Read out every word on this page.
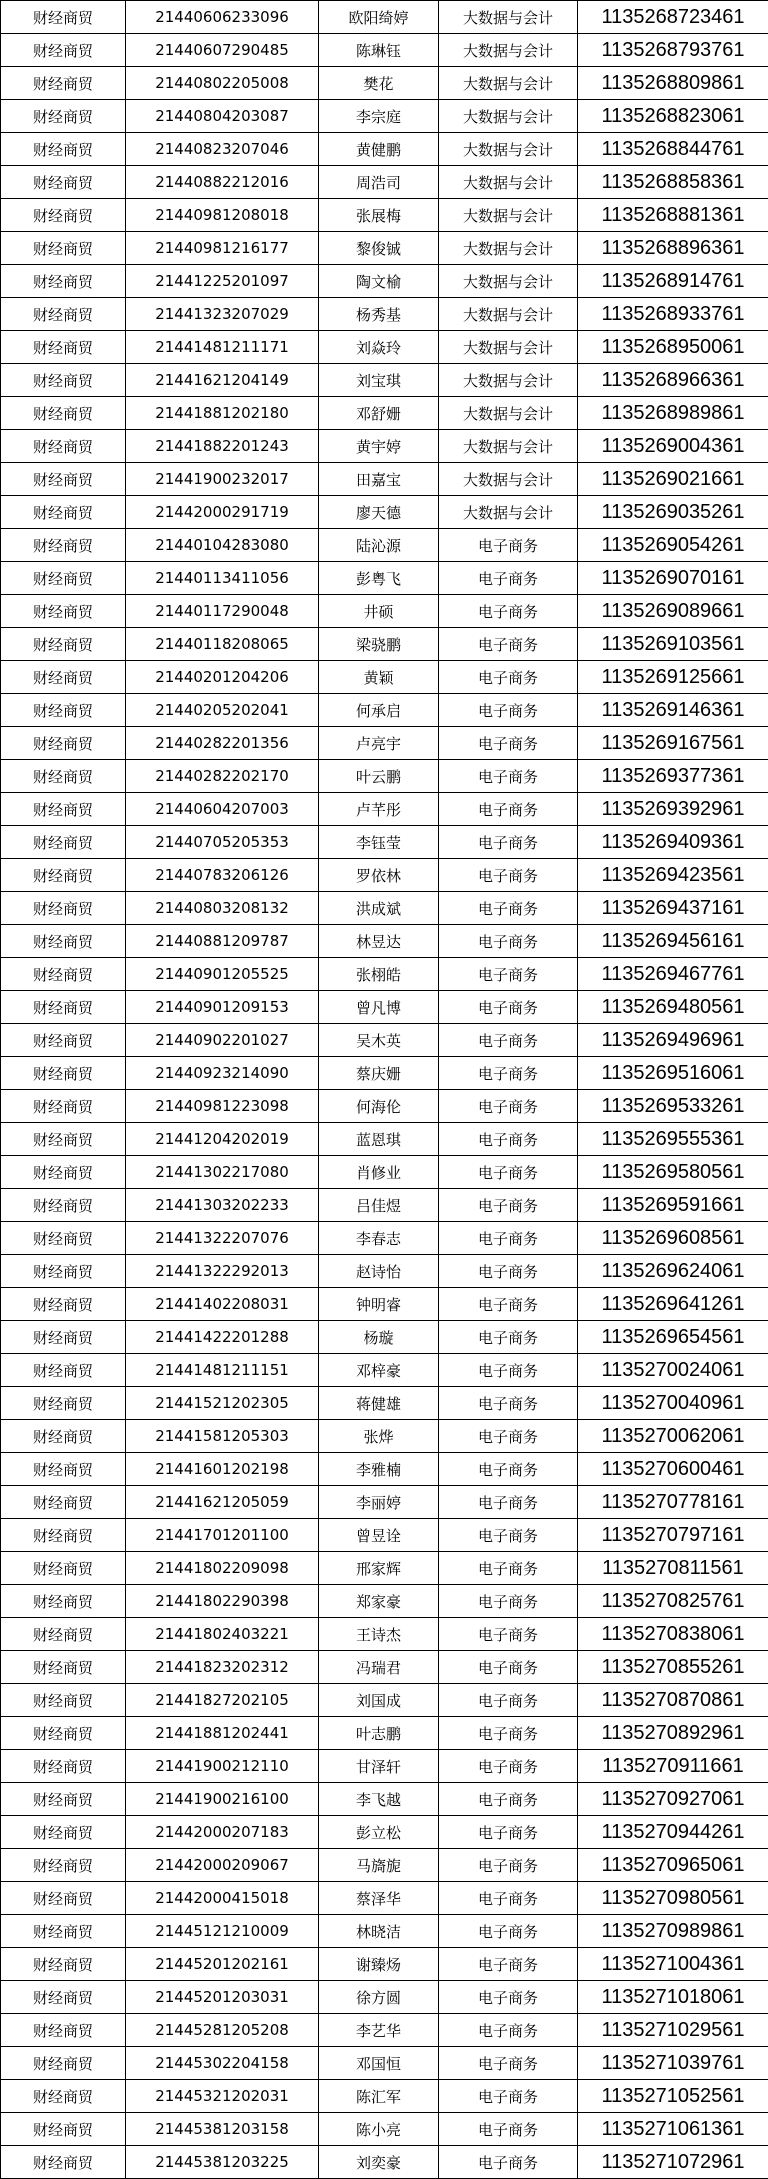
财经商贸	21440606233096	欧阳绮婷	大数据与会计	1135268723461
财经商贸	21440607290485	陈琳钰	大数据与会计	1135268793761
财经商贸	21440802205008	樊花	大数据与会计	1135268809861
财经商贸	21440804203087	李宗庭	大数据与会计	1135268823061
财经商贸	21440823207046	黄健鹏	大数据与会计	1135268844761
财经商贸	21440882212016	周浩司	大数据与会计	1135268858361
财经商贸	21440981208018	张展梅	大数据与会计	1135268881361
财经商贸	21440981216177	黎俊铖	大数据与会计	1135268896361
财经商贸	21441225201097	陶文榆	大数据与会计	1135268914761
财经商贸	21441323207029	杨秀基	大数据与会计	1135268933761
财经商贸	21441481211171	刘焱玲	大数据与会计	1135268950061
财经商贸	21441621204149	刘宝琪	大数据与会计	1135268966361
财经商贸	21441881202180	邓舒姗	大数据与会计	1135268989861
财经商贸	21441882201243	黄宇婷	大数据与会计	1135269004361
财经商贸	21441900232017	田嘉宝	大数据与会计	1135269021661
财经商贸	21442000291719	廖天德	大数据与会计	1135269035261
财经商贸	21440104283080	陆沁源	电子商务	1135269054261
财经商贸	21440113411056	彭粤飞	电子商务	1135269070161
财经商贸	21440117290048	井硕	电子商务	1135269089661
财经商贸	21440118208065	梁骁鹏	电子商务	1135269103561
财经商贸	21440201204206	黄颖	电子商务	1135269125661
财经商贸	21440205202041	何承启	电子商务	1135269146361
财经商贸	21440282201356	卢亮宇	电子商务	1135269167561
财经商贸	21440282202170	叶云鹏	电子商务	1135269377361
财经商贸	21440604207003	卢芊彤	电子商务	1135269392961
财经商贸	21440705205353	李钰莹	电子商务	1135269409361
财经商贸	21440783206126	罗依林	电子商务	1135269423561
财经商贸	21440803208132	洪成斌	电子商务	1135269437161
财经商贸	21440881209787	林昱达	电子商务	1135269456161
财经商贸	21440901205525	张栩皓	电子商务	1135269467761
财经商贸	21440901209153	曾凡博	电子商务	1135269480561
财经商贸	21440902201027	吴木英	电子商务	1135269496961
财经商贸	21440923214090	蔡庆姗	电子商务	1135269516061
财经商贸	21440981223098	何海伦	电子商务	1135269533261
财经商贸	21441204202019	蓝恩琪	电子商务	1135269555361
财经商贸	21441302217080	肖修业	电子商务	1135269580561
财经商贸	21441303202233	吕佳煜	电子商务	1135269591661
财经商贸	21441322207076	李春志	电子商务	1135269608561
财经商贸	21441322292013	赵诗怡	电子商务	1135269624061
财经商贸	21441402208031	钟明睿	电子商务	1135269641261
财经商贸	21441422201288	杨璇	电子商务	1135269654561
财经商贸	21441481211151	邓梓豪	电子商务	1135270024061
财经商贸	21441521202305	蒋健雄	电子商务	1135270040961
财经商贸	21441581205303	张烨	电子商务	1135270062061
财经商贸	21441601202198	李雅楠	电子商务	1135270600461
财经商贸	21441621205059	李丽婷	电子商务	1135270778161
财经商贸	21441701201100	曾昱诠	电子商务	1135270797161
财经商贸	21441802209098	邢家辉	电子商务	1135270811561
财经商贸	21441802290398	郑家豪	电子商务	1135270825761
财经商贸	21441802403221	王诗杰	电子商务	1135270838061
财经商贸	21441823202312	冯瑞君	电子商务	1135270855261
财经商贸	21441827202105	刘国成	电子商务	1135270870861
财经商贸	21441881202441	叶志鹏	电子商务	1135270892961
财经商贸	21441900212110	甘泽轩	电子商务	1135270911661
财经商贸	21441900216100	李飞越	电子商务	1135270927061
财经商贸	21442000207183	彭立松	电子商务	1135270944261
财经商贸	21442000209067	马旖旎	电子商务	1135270965061
财经商贸	21442000415018	蔡泽华	电子商务	1135270980561
财经商贸	21445121210009	林晓洁	电子商务	1135270989861
财经商贸	21445201202161	谢臻炀	电子商务	1135271004361
财经商贸	21445201203031	徐方圆	电子商务	1135271018061
财经商贸	21445281205208	李艺华	电子商务	1135271029561
财经商贸	21445302204158	邓国恒	电子商务	1135271039761
财经商贸	21445321202031	陈汇军	电子商务	1135271052561
财经商贸	21445381203158	陈小亮	电子商务	1135271061361
财经商贸	21445381203225	刘奕豪	电子商务	1135271072961
